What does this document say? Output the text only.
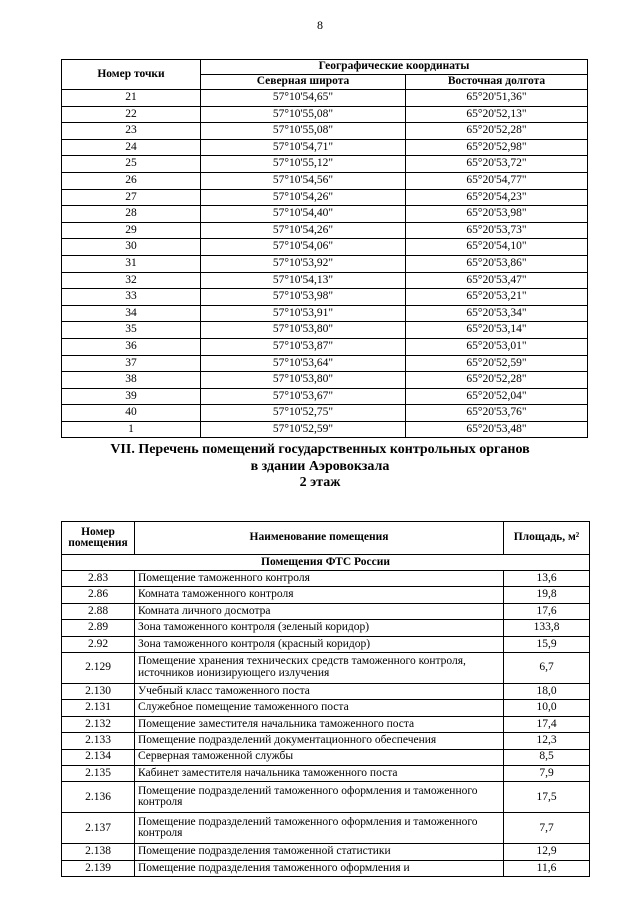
8
Номер точки	Географические координаты	
	Северная широта	Восточная долгота
21	57°10'54,65"	65°20'51,36"
22	57°10'55,08"	65°20'52,13"
23	57°10'55,08"	65°20'52,28"
24	57°10'54,71"	65°20'52,98"
25	57°10'55,12"	65°20'53,72"
26	57°10'54,56"	65°20'54,77"
27	57°10'54,26"	65°20'54,23"
28	57°10'54,40"	65°20'53,98"
29	57°10'54,26"	65°20'53,73"
30	57°10'54,06"	65°20'54,10"
31	57°10'53,92"	65°20'53,86"
32	57°10'54,13"	65°20'53,47"
33	57°10'53,98"	65°20'53,21"
34	57°10'53,91"	65°20'53,34"
35	57°10'53,80"	65°20'53,14"
36	57°10'53,87"	65°20'53,01"
37	57°10'53,64"	65°20'52,59"
38	57°10'53,80"	65°20'52,28"
39	57°10'53,67"	65°20'52,04"
40	57°10'52,75"	65°20'53,76"
1	57°10'52,59"	65°20'53,48"
VII. Перечень помещений государственных контрольных органов
в здании Аэровокзала
2 этаж
Номер помещения	Наименование помещения	Площадь, м²
Помещения ФТС России		
2.83	Помещение таможенного контроля	13,6
2.86	Комната таможенного контроля	19,8
2.88	Комната личного досмотра	17,6
2.89	Зона таможенного контроля (зеленый коридор)	133,8
2.92	Зона таможенного контроля (красный коридор)	15,9
2.129	Помещение хранения технических средств таможенного контроля, источников ионизирующего излучения	6,7
2.130	Учебный класс таможенного поста	18,0
2.131	Служебное помещение таможенного поста	10,0
2.132	Помещение заместителя начальника таможенного поста	17,4
2.133	Помещение подразделений документационного обеспечения	12,3
2.134	Серверная таможенной службы	8,5
2.135	Кабинет заместителя начальника таможенного поста	7,9
2.136	Помещение подразделений таможенного оформления и таможенного контроля	17,5
2.137	Помещение подразделений таможенного оформления и таможенного контроля	7,7
2.138	Помещение подразделения таможенной статистики	12,9
2.139	Помещение подразделения таможенного оформления и	11,6
